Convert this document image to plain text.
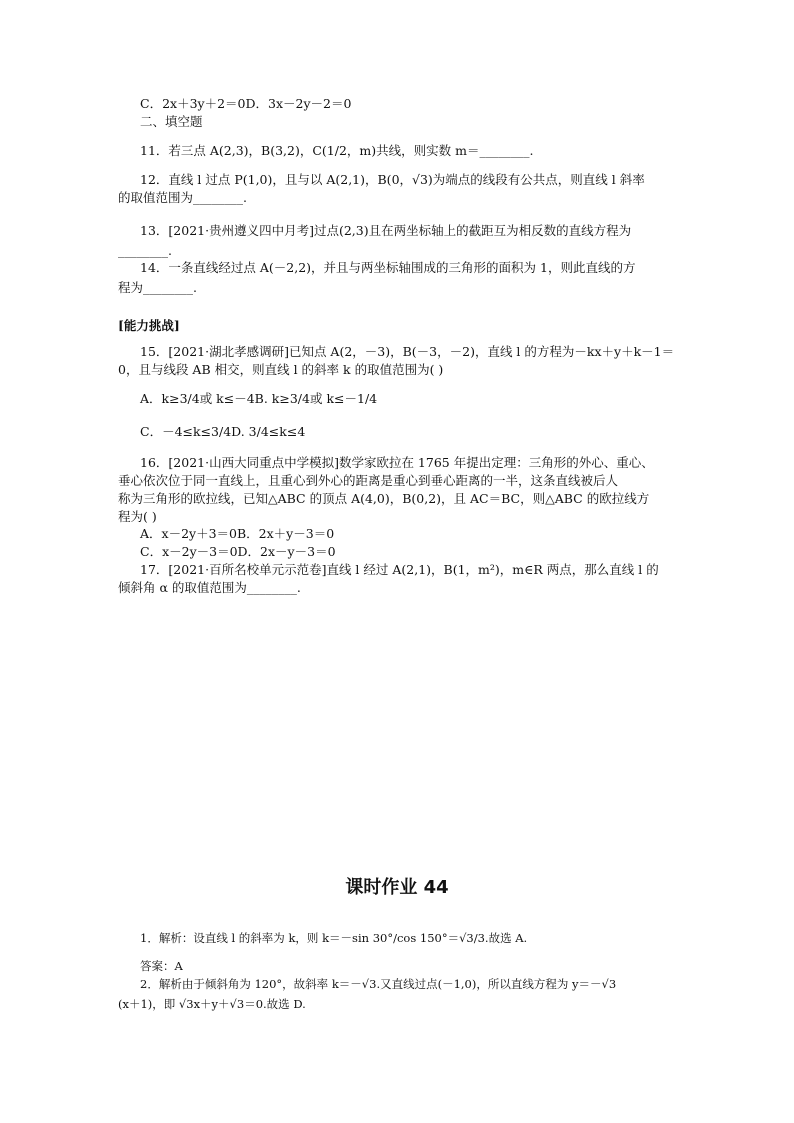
C．2x＋3y＋2＝0D．3x－2y－2＝0
二、填空题
11．若三点 A(2,3)，B(3,2)，C(1/2，m)共线，则实数 m＝________.
12．直线 l 过点 P(1,0)，且与以 A(2,1)，B(0，√3)为端点的线段有公共点，则直线 l 斜率
的取值范围为________.
13．[2021·贵州遵义四中月考]过点(2,3)且在两坐标轴上的截距互为相反数的直线方程为
________.
14．一条直线经过点 A(－2,2)，并且与两坐标轴围成的三角形的面积为 1，则此直线的方
程为________.
[能力挑战]
15．[2021·湖北孝感调研]已知点 A(2，－3)，B(－3，－2)，直线 l 的方程为－kx＋y＋k－1＝
0，且与线段 AB 相交，则直线 l 的斜率 k 的取值范围为( )
A．k≥3/4或 k≤－4B. k≥3/4或 k≤－1/4
C．－4≤k≤3/4D. 3/4≤k≤4
16．[2021·山西大同重点中学模拟]数学家欧拉在 1765 年提出定理：三角形的外心、重心、
垂心依次位于同一直线上，且重心到外心的距离是重心到垂心距离的一半，这条直线被后人
称为三角形的欧拉线，已知△ABC 的顶点 A(4,0)，B(0,2)，且 AC＝BC，则△ABC 的欧拉线方
程为( )
A．x－2y＋3＝0B．2x＋y－3＝0
C．x－2y－3＝0D．2x－y－3＝0
17．[2021·百所名校单元示范卷]直线 l 经过 A(2,1)，B(1，m²)，m∈R 两点，那么直线 l 的
倾斜角 α 的取值范围为________.
课时作业 44
1．解析：设直线 l 的斜率为 k，则 k＝－sin 30°/cos 150°＝√3/3.故选 A.
答案：A
2．解析由于倾斜角为 120°，故斜率 k＝－√3.又直线过点(－1,0)，所以直线方程为 y＝－√3
(x＋1)，即 √3x＋y＋√3＝0.故选 D.
